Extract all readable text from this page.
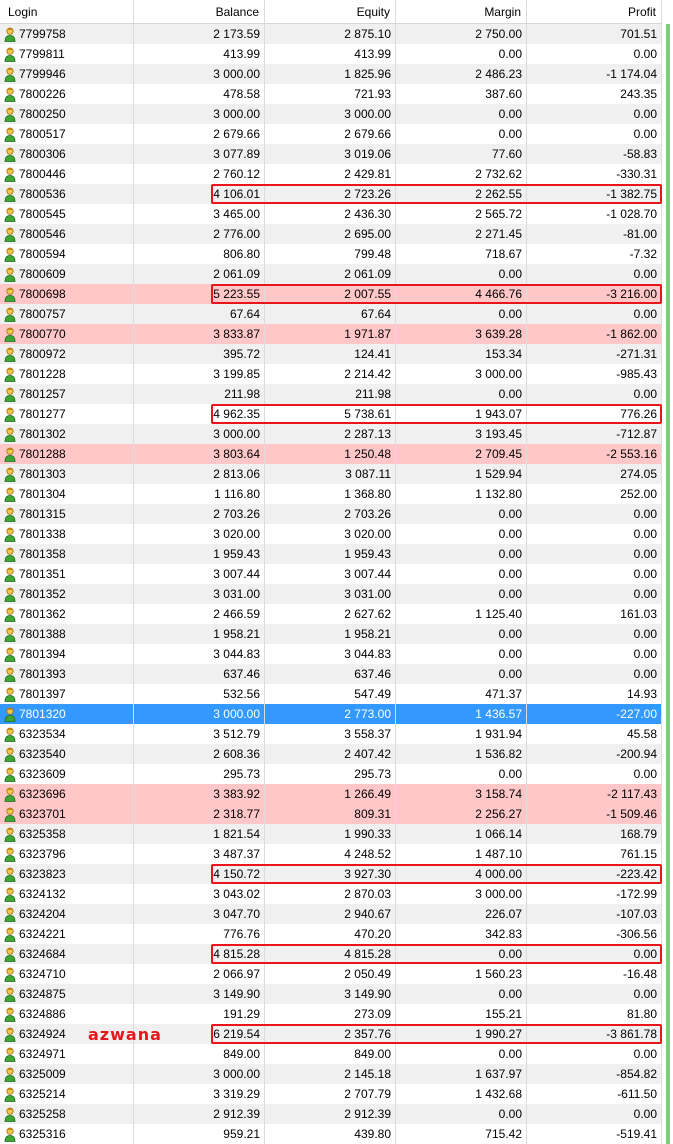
Login	Balance	Equity	Margin	Profit
7799758	2 173.59	2 875.10	2 750.00	701.51
7799811	413.99	413.99	0.00	0.00
7799946	3 000.00	1 825.96	2 486.23	-1 174.04
7800226	478.58	721.93	387.60	243.35
7800250	3 000.00	3 000.00	0.00	0.00
7800517	2 679.66	2 679.66	0.00	0.00
7800306	3 077.89	3 019.06	77.60	-58.83
7800446	2 760.12	2 429.81	2 732.62	-330.31
7800536	4 106.01	2 723.26	2 262.55	-1 382.75
7800545	3 465.00	2 436.30	2 565.72	-1 028.70
7800546	2 776.00	2 695.00	2 271.45	-81.00
7800594	806.80	799.48	718.67	-7.32
7800609	2 061.09	2 061.09	0.00	0.00
7800698	5 223.55	2 007.55	4 466.76	-3 216.00
7800757	67.64	67.64	0.00	0.00
7800770	3 833.87	1 971.87	3 639.28	-1 862.00
7800972	395.72	124.41	153.34	-271.31
7801228	3 199.85	2 214.42	3 000.00	-985.43
7801257	211.98	211.98	0.00	0.00
7801277	4 962.35	5 738.61	1 943.07	776.26
7801302	3 000.00	2 287.13	3 193.45	-712.87
7801288	3 803.64	1 250.48	2 709.45	-2 553.16
7801303	2 813.06	3 087.11	1 529.94	274.05
7801304	1 116.80	1 368.80	1 132.80	252.00
7801315	2 703.26	2 703.26	0.00	0.00
7801338	3 020.00	3 020.00	0.00	0.00
7801358	1 959.43	1 959.43	0.00	0.00
7801351	3 007.44	3 007.44	0.00	0.00
7801352	3 031.00	3 031.00	0.00	0.00
7801362	2 466.59	2 627.62	1 125.40	161.03
7801388	1 958.21	1 958.21	0.00	0.00
7801394	3 044.83	3 044.83	0.00	0.00
7801393	637.46	637.46	0.00	0.00
7801397	532.56	547.49	471.37	14.93
7801320	3 000.00	2 773.00	1 436.57	-227.00
6323534	3 512.79	3 558.37	1 931.94	45.58
6323540	2 608.36	2 407.42	1 536.82	-200.94
6323609	295.73	295.73	0.00	0.00
6323696	3 383.92	1 266.49	3 158.74	-2 117.43
6323701	2 318.77	809.31	2 256.27	-1 509.46
6325358	1 821.54	1 990.33	1 066.14	168.79
6323796	3 487.37	4 248.52	1 487.10	761.15
6323823	4 150.72	3 927.30	4 000.00	-223.42
6324132	3 043.02	2 870.03	3 000.00	-172.99
6324204	3 047.70	2 940.67	226.07	-107.03
6324221	776.76	470.20	342.83	-306.56
6324684	4 815.28	4 815.28	0.00	0.00
6324710	2 066.97	2 050.49	1 560.23	-16.48
6324875	3 149.90	3 149.90	0.00	0.00
6324886	191.29	273.09	155.21	81.80
6324924	6 219.54	2 357.76	1 990.27	-3 861.78
6324971	849.00	849.00	0.00	0.00
6325009	3 000.00	2 145.18	1 637.97	-854.82
6325214	3 319.29	2 707.79	1 432.68	-611.50
6325258	2 912.39	2 912.39	0.00	0.00
6325316	959.21	439.80	715.42	-519.41
azwana
